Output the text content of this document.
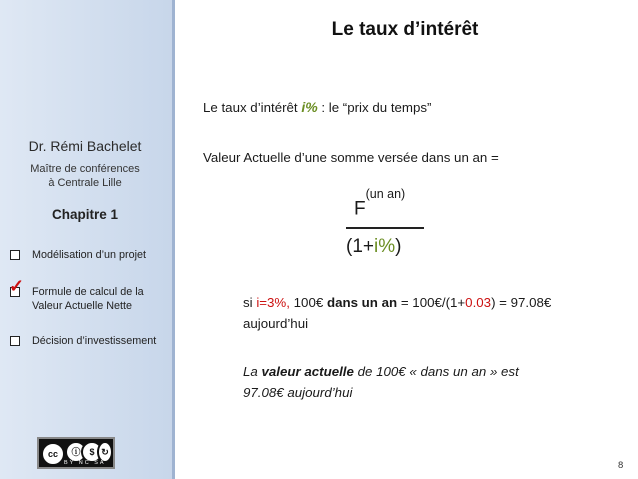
Dr. Rémi Bachelet
Maître de conférences
à Centrale Lille
Chapitre 1
Modélisation d’un projet
✓ Formule de calcul de la
Valeur Actuelle Nette
Décision d’investissement
cc	ⓘ $ ↻
BY NC SA
Le taux d’intérêt
Le taux d’intérêt i% : le “prix du temps”
Valeur Actuelle d’une somme versée dans un an =
$F^{(un an)}$
(1+i%)
si i=3%, 100€ dans un an = 100€/(1+0.03) = 97.08€
aujourd’hui
La valeur actuelle de 100€ « dans un an » est
97.08€ aujourd’hui
8
